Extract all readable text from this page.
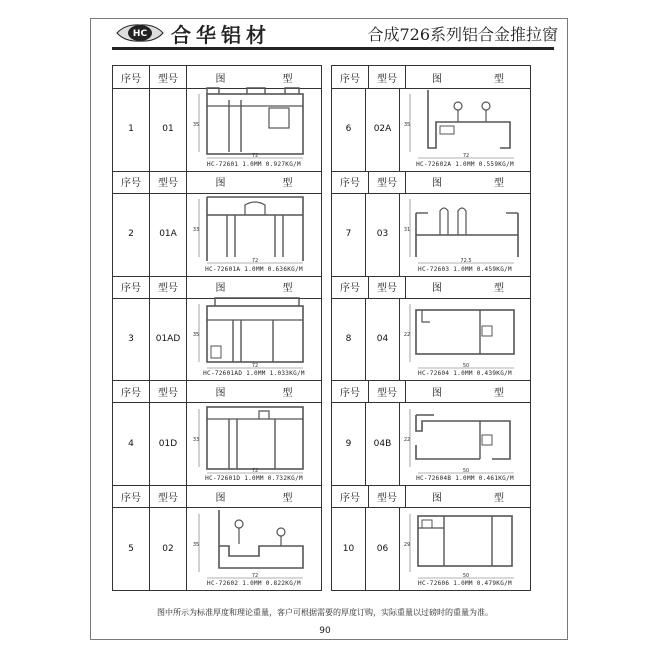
HC 合华铝材	合成726系列铝合金推拉窗
序号	型号	图	型
1	01
72
35
HC-72601 1.0MM 0.927KG/M
序号	型号	图	型
2	01A
72
33
HC-72601A 1.0MM 0.636KG/M
序号	型号	图	型
3	01AD
72
35
HC-72601AD 1.0MM 1.033KG/M
序号	型号	图	型
4	01D
72
33
HC-72601D 1.0MM 0.732KG/M
序号	型号	图	型
5	02
72
35
HC-72602 1.0MM 0.822KG/M
序号	型号	图	型
6	02A
72
35
HC-72602A 1.0MM 0.559KG/M
序号	型号	图	型
7	03
72.5
31
HC-72603 1.0MM 0.459KG/M
序号	型号	图	型
8	04
50
22
HC-72604 1.0MM 0.439KG/M
序号	型号	图	型
9	04B
50
22
HC-72604B 1.0MM 0.461KG/M
序号	型号	图	型
10	06
50
29
HC-72606 1.0MM 0.479KG/M
图中所示为标准厚度和理论重量，客户可根据需要的厚度订购，实际重量以过磅时的重量为准。
90
